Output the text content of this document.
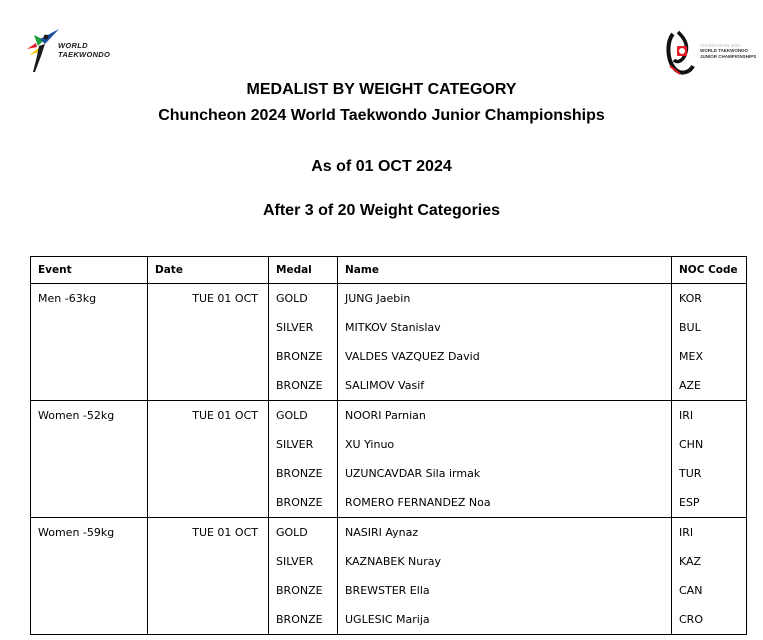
WORLD
TAEKWONDO
CHUNCHEON 2024
WORLD TAEKWONDO
JUNIOR CHAMPIONSHIPS
MEDALIST BY WEIGHT CATEGORY
Chuncheon 2024 World Taekwondo Junior Championships
As of 01 OCT 2024
After 3 of 20 Weight Categories
Event	Date	Medal	Name	NOC Code
Men -63kg	TUE 01 OCT	GOLD	JUNG Jaebin	KOR
		SILVER	MITKOV Stanislav	BUL
		BRONZE	VALDES VAZQUEZ David	MEX
		BRONZE	SALIMOV Vasif	AZE
Women -52kg	TUE 01 OCT	GOLD	NOORI Parnian	IRI
		SILVER	XU Yinuo	CHN
		BRONZE	UZUNCAVDAR Sila irmak	TUR
		BRONZE	ROMERO FERNANDEZ Noa	ESP
Women -59kg	TUE 01 OCT	GOLD	NASIRI Aynaz	IRI
		SILVER	KAZNABEK Nuray	KAZ
		BRONZE	BREWSTER Ella	CAN
		BRONZE	UGLESIC Marija	CRO
